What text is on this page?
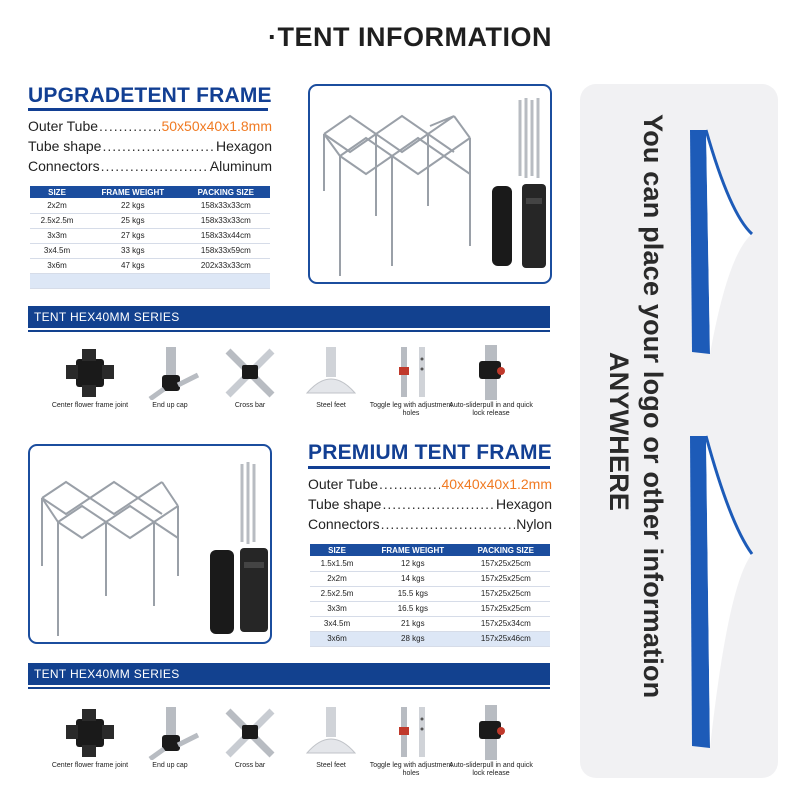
·TENT INFORMATION
UPGRADETENT FRAME
Outer Tube .....	50x50x40x1.8mm
Tube shape .....	Hexagon
Connectors .....	Aluminum
SIZE	FRAME WEIGHT	PACKING SIZE
2x2m	22 kgs	158x33x33cm
2.5x2.5m	25 kgs	158x33x33cm
3x3m	27 kgs	158x33x44cm
3x4.5m	33 kgs	158x33x59cm
3x6m	47 kgs	202x33x33cm

TENT HEX40MM SERIES
Center flower frame joint	End up cap	Cross bar	Steel feet	Toggle leg with adjustment holes
Auto-sliderpull in and quick lock release
PREMIUM TENT FRAME
Outer Tube .....	40x40x40x1.2mm
Tube shape .....	Hexagon
Connectors .....	Nylon
SIZE	FRAME WEIGHT	PACKING SIZE
1.5x1.5m	12 kgs	157x25x25cm
2x2m	14 kgs	157x25x25cm
2.5x2.5m	15.5 kgs	157x25x25cm
3x3m	16.5 kgs	157x25x25cm
3x4.5m	21 kgs	157x25x34cm
3x6m	28 kgs	157x25x46cm
TENT HEX40MM SERIES
Center flower frame joint	End up cap	Cross bar	Steel feet	Toggle leg with adjustment holes
Auto-sliderpull in and quick lock release
You can place your logo or other information
ANYWHERE
